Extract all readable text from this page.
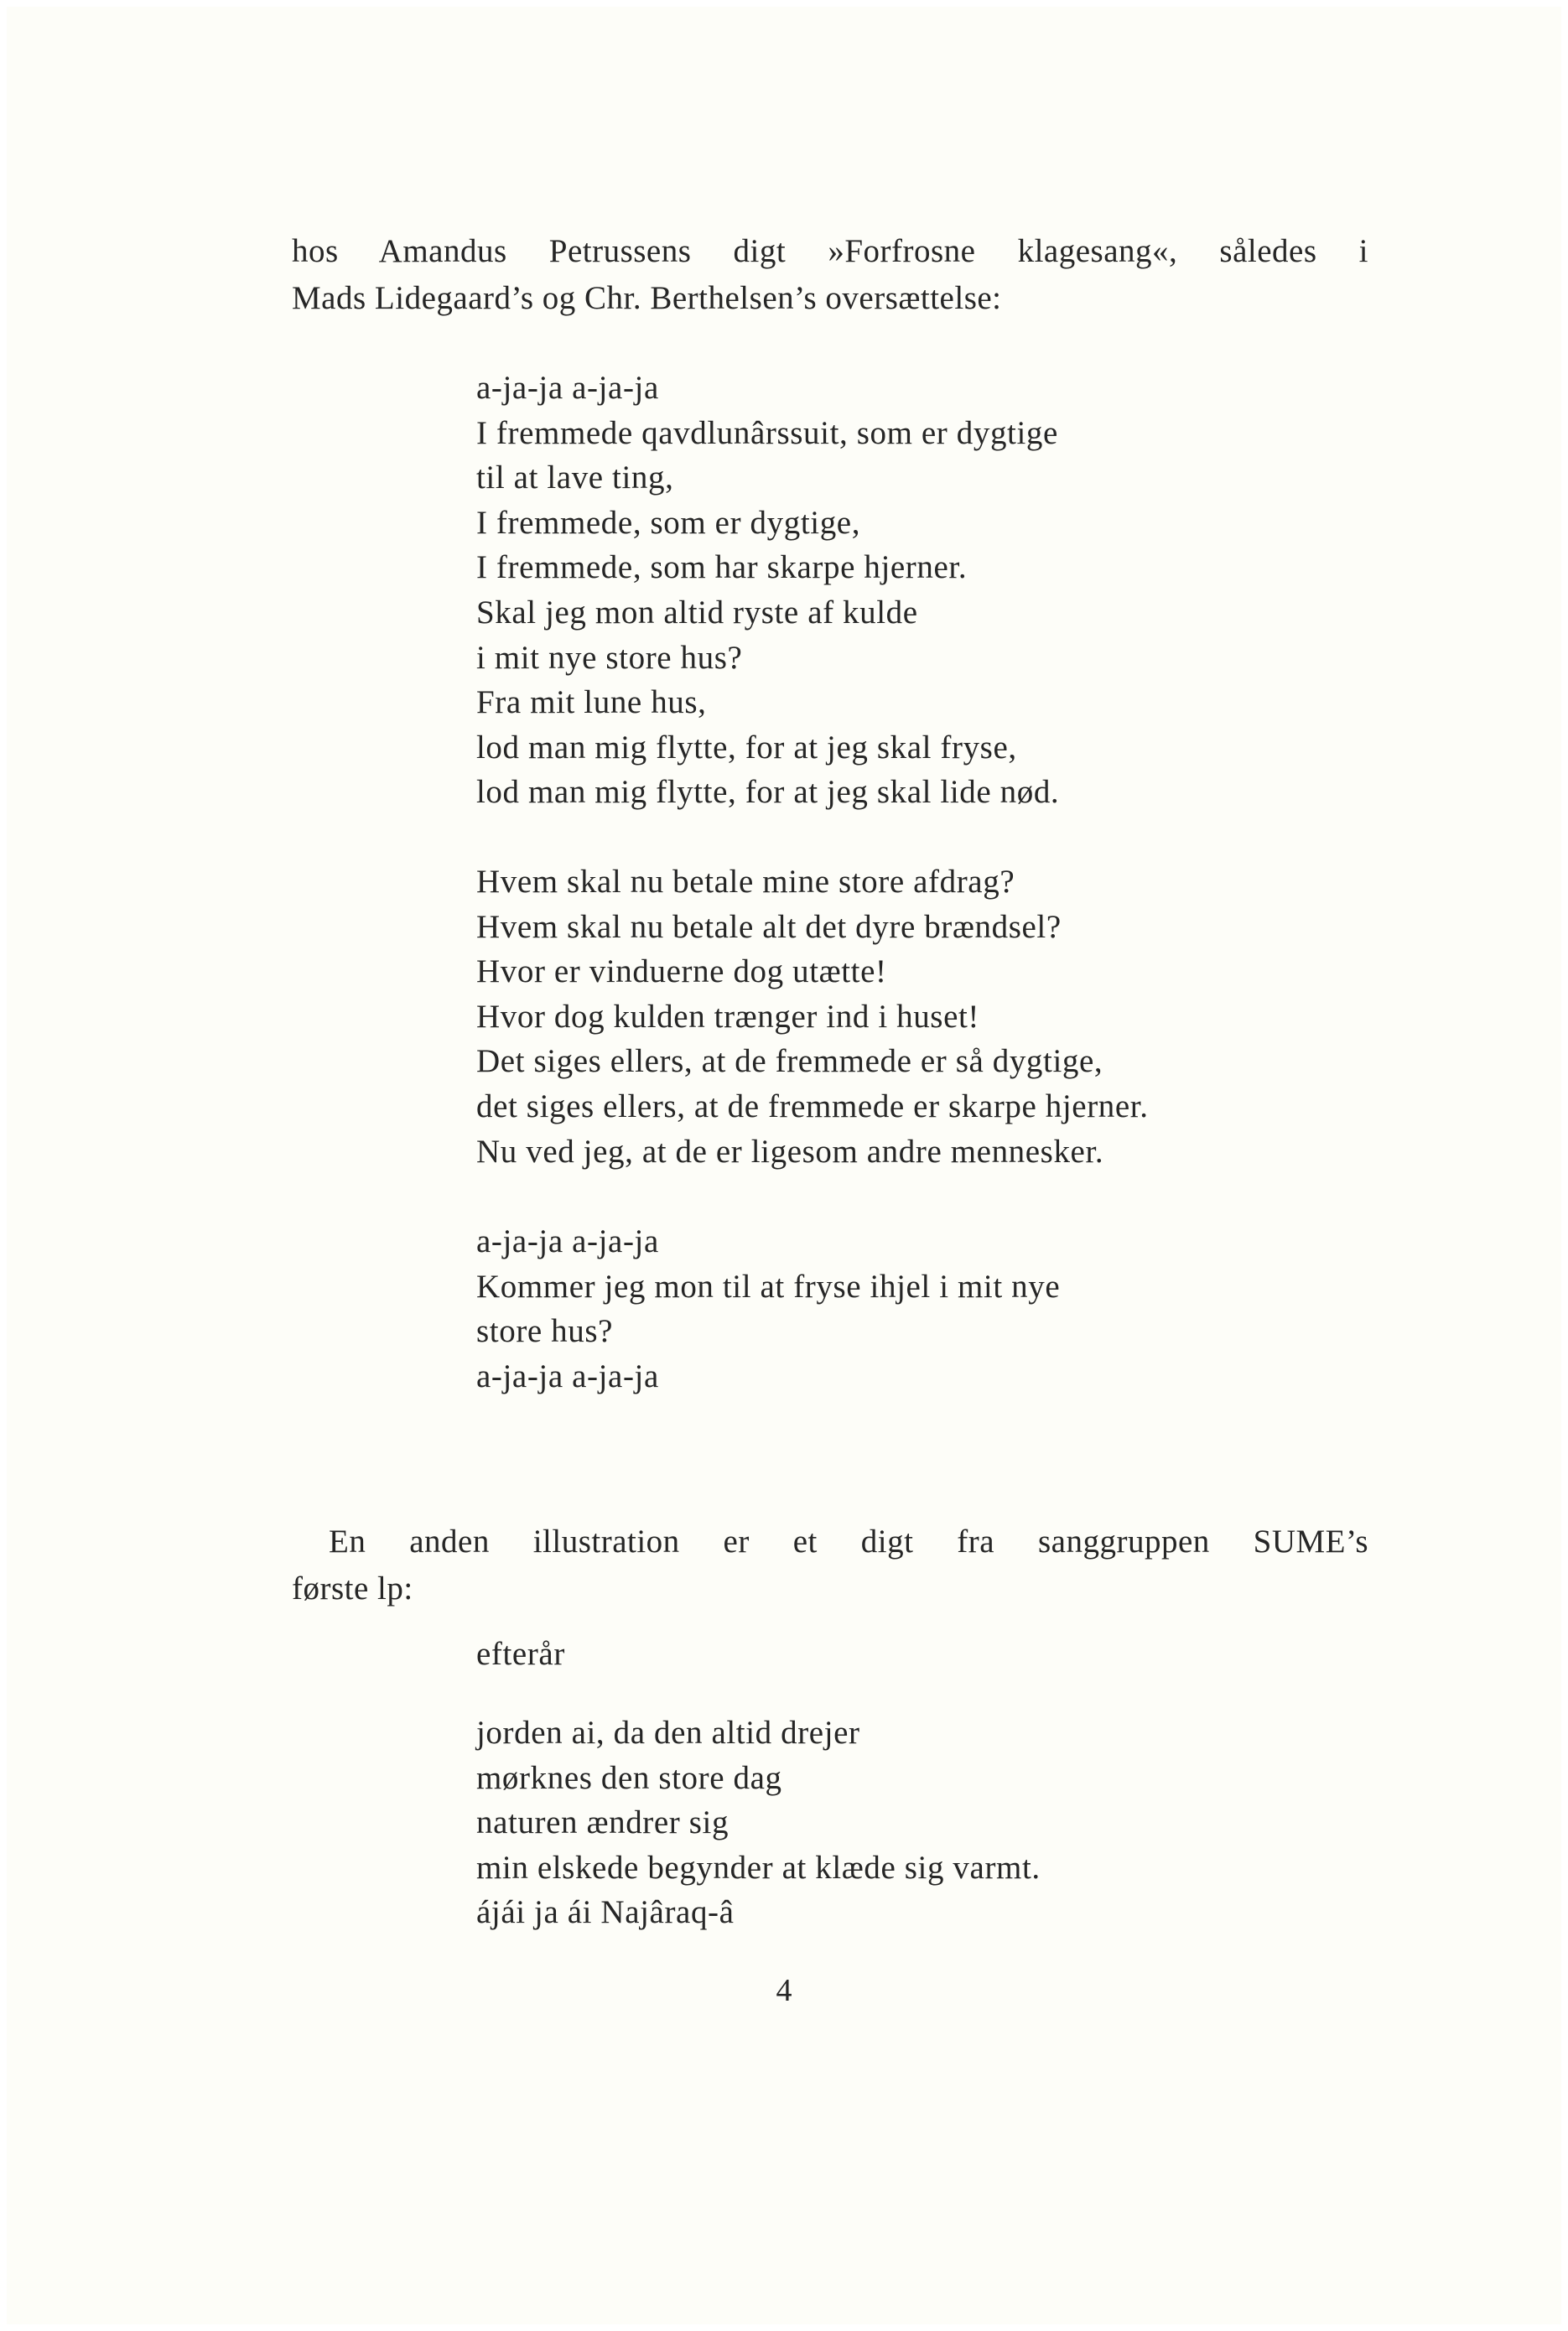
hos Amandus Petrussens digt »Forfrosne klagesang«, således i
Mads Lidegaard’s og Chr. Berthelsen’s oversættelse:
a-ja-ja a-ja-ja
I fremmede qavdlunârssuit, som er dygtige
til at lave ting,
I fremmede, som er dygtige,
I fremmede, som har skarpe hjerner.
Skal jeg mon altid ryste af kulde
i mit nye store hus?
Fra mit lune hus,
lod man mig flytte, for at jeg skal fryse,
lod man mig flytte, for at jeg skal lide nød.
Hvem skal nu betale mine store afdrag?
Hvem skal nu betale alt det dyre brændsel?
Hvor er vinduerne dog utætte!
Hvor dog kulden trænger ind i huset!
Det siges ellers, at de fremmede er så dygtige,
det siges ellers, at de fremmede er skarpe hjerner.
Nu ved jeg, at de er ligesom andre mennesker.
a-ja-ja a-ja-ja
Kommer jeg mon til at fryse ihjel i mit nye
store hus?
a-ja-ja a-ja-ja
En anden illustration er et digt fra sanggruppen SUME’s
første lp:
efterår
jorden ai, da den altid drejer
mørknes den store dag
naturen ændrer sig
min elskede begynder at klæde sig varmt.
ájái ja ái Najâraq-â
4
